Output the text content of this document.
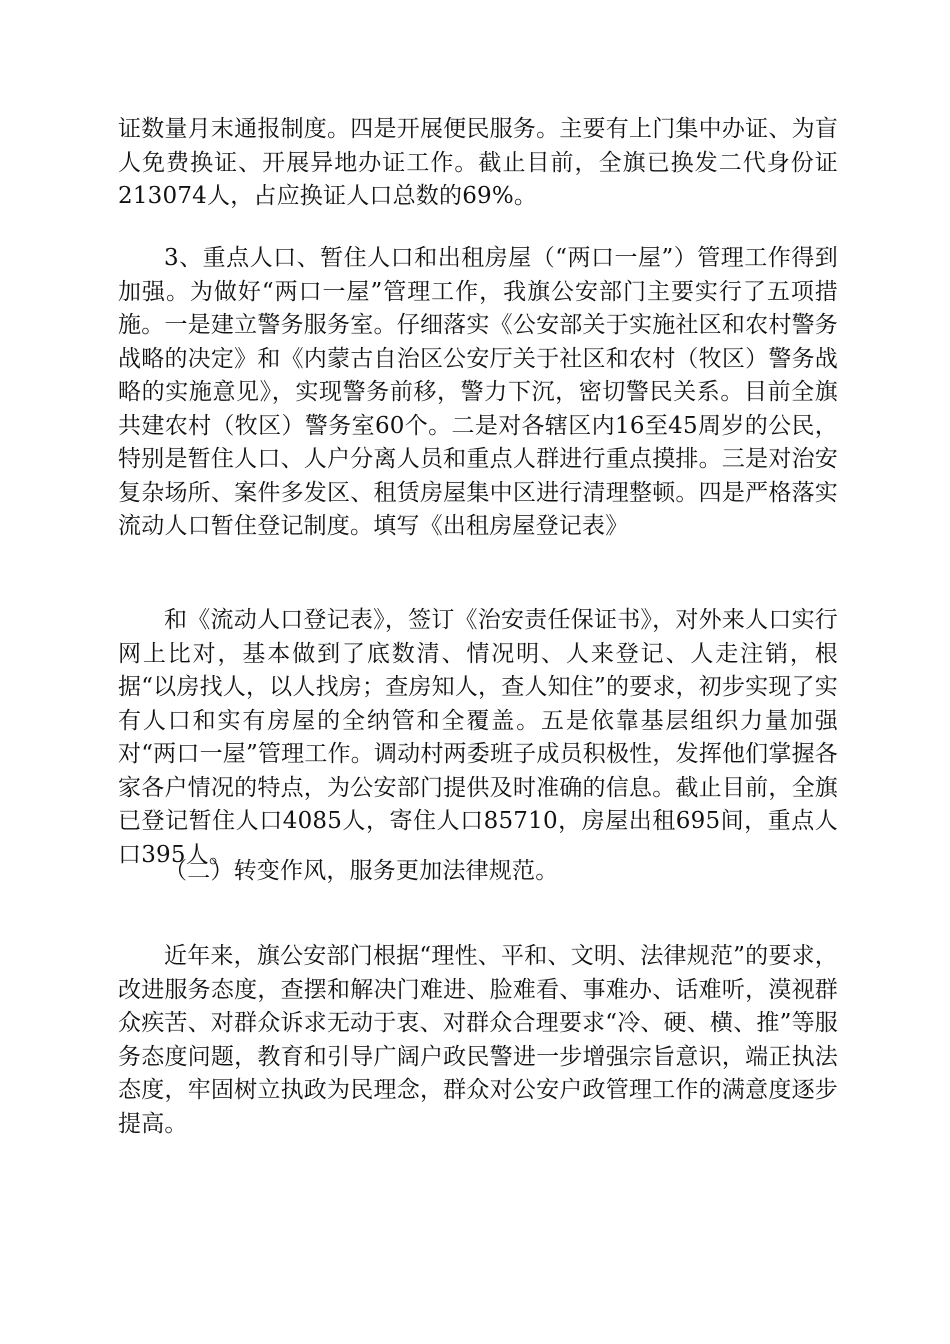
证数量月末通报制度。四是开展便民服务。主要有上门集中办证、为盲人免费换证、开展异地办证工作。截止目前，全旗已换发二代身份证213074人，占应换证人口总数的69%。

3、重点人口、暂住人口和出租房屋（“两口一屋”）管理工作得到加强。为做好“两口一屋”管理工作，我旗公安部门主要实行了五项措施。一是建立警务服务室。仔细落实《公安部关于实施社区和农村警务战略的决定》和《内蒙古自治区公安厅关于社区和农村（牧区）警务战略的实施意见》，实现警务前移，警力下沉，密切警民关系。目前全旗共建农村（牧区）警务室60个。二是对各辖区内16至45周岁的公民，特别是暂住人口、人户分离人员和重点人群进行重点摸排。三是对治安复杂场所、案件多发区、租赁房屋集中区进行清理整顿。四是严格落实流动人口暂住登记制度。填写《出租房屋登记表》

和《流动人口登记表》，签订《治安责任保证书》，对外来人口实行网上比对，基本做到了底数清、情况明、人来登记、人走注销，根据“以房找人，以人找房；查房知人，查人知住”的要求，初步实现了实有人口和实有房屋的全纳管和全覆盖。五是依靠基层组织力量加强对“两口一屋”管理工作。调动村两委班子成员积极性，发挥他们掌握各家各户情况的特点，为公安部门提供及时准确的信息。截止目前，全旗已登记暂住人口4085人，寄住人口85710，房屋出租695间，重点人口395人。

（二）转变作风，服务更加法律规范。

近年来，旗公安部门根据“理性、平和、文明、法律规范”的要求，改进服务态度，查摆和解决门难进、脸难看、事难办、话难听，漠视群众疾苦、对群众诉求无动于衷、对群众合理要求“冷、硬、横、推”等服务态度问题，教育和引导广阔户政民警进一步增强宗旨意识，端正执法态度，牢固树立执政为民理念，群众对公安户政管理工作的满意度逐步提高。
